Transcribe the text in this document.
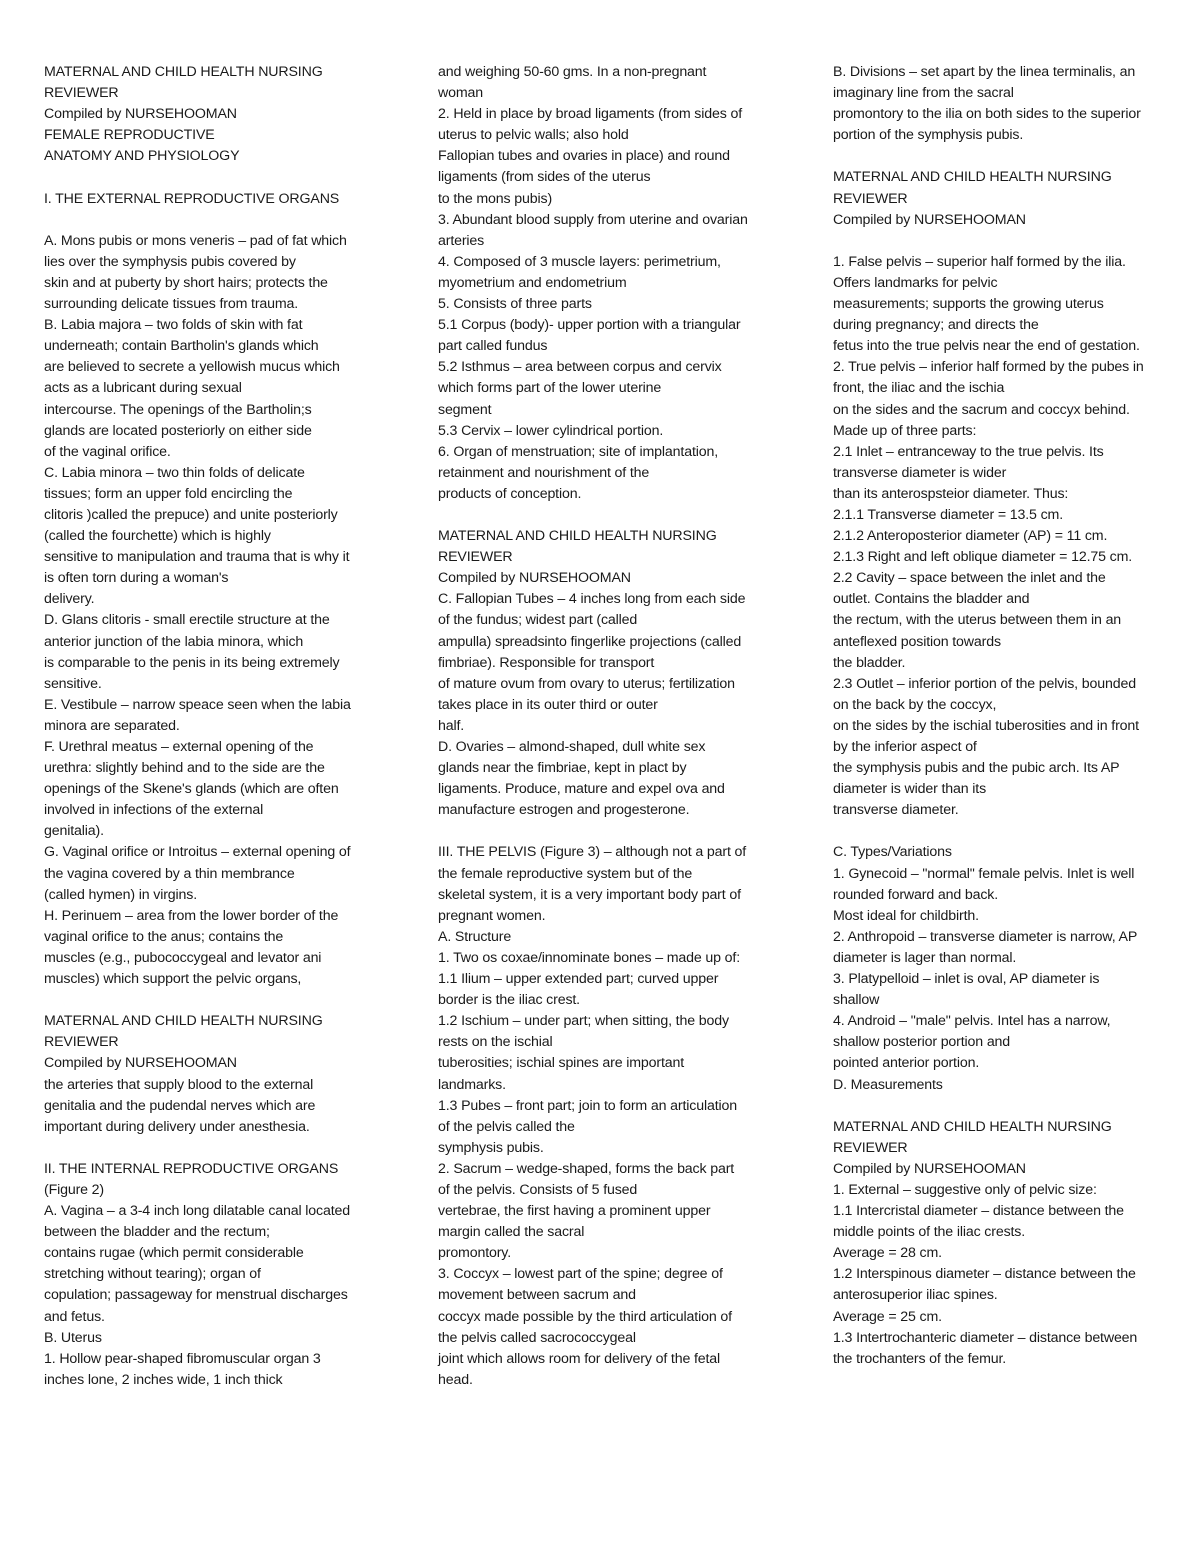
MATERNAL AND CHILD HEALTH NURSING
REVIEWER
Compiled by NURSEHOOMAN
FEMALE REPRODUCTIVE
ANATOMY AND PHYSIOLOGY
I. THE EXTERNAL REPRODUCTIVE ORGANS
A. Mons pubis or mons veneris – pad of fat which
lies over the symphysis pubis covered by
skin and at puberty by short hairs; protects the
surrounding delicate tissues from trauma.
B. Labia majora – two folds of skin with fat
underneath; contain Bartholin's glands which
are believed to secrete a yellowish mucus which
acts as a lubricant during sexual
intercourse. The openings of the Bartholin;s
glands are located posteriorly on either side
of the vaginal orifice.
C. Labia minora – two thin folds of delicate
tissues; form an upper fold encircling the
clitoris )called the prepuce) and unite posteriorly
(called the fourchette) which is highly
sensitive to manipulation and trauma that is why it
is often torn during a woman's
delivery.
D. Glans clitoris - small erectile structure at the
anterior junction of the labia minora, which
is comparable to the penis in its being extremely
sensitive.
E. Vestibule – narrow speace seen when the labia
minora are separated.
F. Urethral meatus – external opening of the
urethra: slightly behind and to the side are the
openings of the Skene's glands (which are often
involved in infections of the external
genitalia).
G. Vaginal orifice or Introitus – external opening of
the vagina covered by a thin membrance
(called hymen) in virgins.
H. Perinuem – area from the lower border of the
vaginal orifice to the anus; contains the
muscles (e.g., pubococcygeal and levator ani
muscles) which support the pelvic organs,
MATERNAL AND CHILD HEALTH NURSING
REVIEWER
Compiled by NURSEHOOMAN
the arteries that supply blood to the external
genitalia and the pudendal nerves which are
important during delivery under anesthesia.
II. THE INTERNAL REPRODUCTIVE ORGANS
(Figure 2)
A. Vagina – a 3-4 inch long dilatable canal located
between the bladder and the rectum;
contains rugae (which permit considerable
stretching without tearing); organ of
copulation; passageway for menstrual discharges
and fetus.
B. Uterus
1. Hollow pear-shaped fibromuscular organ 3
inches lone, 2 inches wide, 1 inch thick
and weighing 50-60 gms. In a non-pregnant
woman
2. Held in place by broad ligaments (from sides of
uterus to pelvic walls; also hold
Fallopian tubes and ovaries in place) and round
ligaments (from sides of the uterus
to the mons pubis)
3. Abundant blood supply from uterine and ovarian
arteries
4. Composed of 3 muscle layers: perimetrium,
myometrium and endometrium
5. Consists of three parts
5.1 Corpus (body)- upper portion with a triangular
part called fundus
5.2 Isthmus – area between corpus and cervix
which forms part of the lower uterine
segment
5.3 Cervix – lower cylindrical portion.
6. Organ of menstruation; site of implantation,
retainment and nourishment of the
products of conception.
MATERNAL AND CHILD HEALTH NURSING
REVIEWER
Compiled by NURSEHOOMAN
C. Fallopian Tubes – 4 inches long from each side
of the fundus; widest part (called
ampulla) spreadsinto fingerlike projections (called
fimbriae). Responsible for transport
of mature ovum from ovary to uterus; fertilization
takes place in its outer third or outer
half.
D. Ovaries – almond-shaped, dull white sex
glands near the fimbriae, kept in plact by
ligaments. Produce, mature and expel ova and
manufacture estrogen and progesterone.
III. THE PELVIS (Figure 3) – although not a part of
the female reproductive system but of the
skeletal system, it is a very important body part of
pregnant women.
A. Structure
1. Two os coxae/innominate bones – made up of:
1.1 Ilium – upper extended part; curved upper
border is the iliac crest.
1.2 Ischium – under part; when sitting, the body
rests on the ischial
tuberosities; ischial spines are important
landmarks.
1.3 Pubes – front part; join to form an articulation
of the pelvis called the
symphysis pubis.
2. Sacrum – wedge-shaped, forms the back part
of the pelvis. Consists of 5 fused
vertebrae, the first having a prominent upper
margin called the sacral
promontory.
3. Coccyx – lowest part of the spine; degree of
movement between sacrum and
coccyx made possible by the third articulation of
the pelvis called sacrococcygeal
joint which allows room for delivery of the fetal
head.
B. Divisions – set apart by the linea terminalis, an
imaginary line from the sacral
promontory to the ilia on both sides to the superior
portion of the symphysis pubis.
MATERNAL AND CHILD HEALTH NURSING
REVIEWER
Compiled by NURSEHOOMAN
1. False pelvis – superior half formed by the ilia.
Offers landmarks for pelvic
measurements; supports the growing uterus
during pregnancy; and directs the
fetus into the true pelvis near the end of gestation.
2. True pelvis – inferior half formed by the pubes in
front, the iliac and the ischia
on the sides and the sacrum and coccyx behind.
Made up of three parts:
2.1 Inlet – entranceway to the true pelvis. Its
transverse diameter is wider
than its anterospsteior diameter. Thus:
2.1.1 Transverse diameter = 13.5 cm.
2.1.2 Anteroposterior diameter (AP) = 11 cm.
2.1.3 Right and left oblique diameter = 12.75 cm.
2.2 Cavity – space between the inlet and the
outlet. Contains the bladder and
the rectum, with the uterus between them in an
anteflexed position towards
the bladder.
2.3 Outlet – inferior portion of the pelvis, bounded
on the back by the coccyx,
on the sides by the ischial tuberosities and in front
by the inferior aspect of
the symphysis pubis and the pubic arch. Its AP
diameter is wider than its
transverse diameter.
C. Types/Variations
1. Gynecoid – "normal" female pelvis. Inlet is well
rounded forward and back.
Most ideal for childbirth.
2. Anthropoid – transverse diameter is narrow, AP
diameter is lager than normal.
3. Platypelloid – inlet is oval, AP diameter is
shallow
4. Android – "male" pelvis. Intel has a narrow,
shallow posterior portion and
pointed anterior portion.
D. Measurements
MATERNAL AND CHILD HEALTH NURSING
REVIEWER
Compiled by NURSEHOOMAN
1. External – suggestive only of pelvic size:
1.1 Intercristal diameter – distance between the
middle points of the iliac crests.
Average = 28 cm.
1.2 Interspinous diameter – distance between the
anterosuperior iliac spines.
Average = 25 cm.
1.3 Intertrochanteric diameter – distance between
the trochanters of the femur.
